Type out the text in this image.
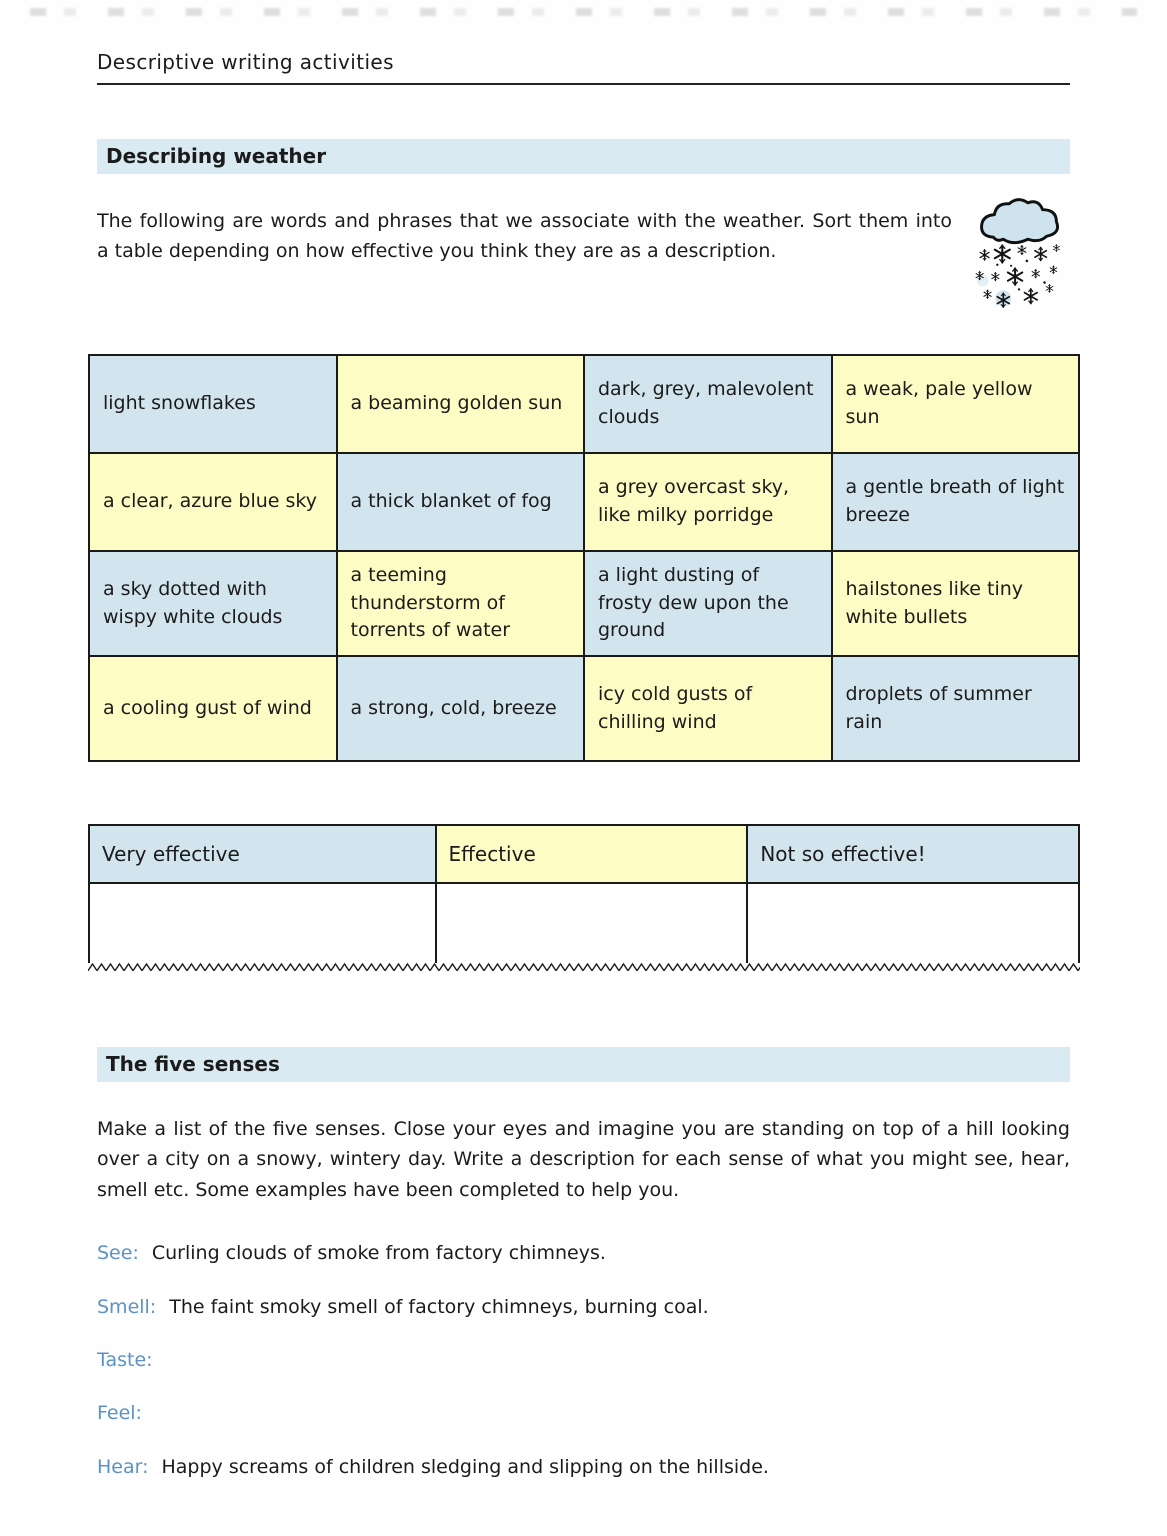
Descriptive writing activities
Describing weather

The following are words and phrases that we associate with the weather. Sort them into a table depending on how effective you think they are as a description.

light snowflakes	a beaming golden sun	dark, grey, malevolent clouds	a weak, pale yellow sun
a clear, azure blue sky	a thick blanket of fog	a grey overcast sky, like milky porridge	a gentle breath of light breeze
a sky dotted with wispy white clouds	a teeming thunderstorm of torrents of water	a light dusting of frosty dew upon the ground	hailstones like tiny white bullets
a cooling gust of wind	a strong, cold, breeze	icy cold gusts of chilling wind	droplets of summer rain
Very effective	Effective	Not so effective!

The five senses

Make a list of the five senses. Close your eyes and imagine you are standing on top of a hill looking over a city on a snowy, wintery day. Write a description for each sense of what you might see, hear, smell etc. Some examples have been completed to help you.

See: Curling clouds of smoke from factory chimneys.
Smell: The faint smoky smell of factory chimneys, burning coal.
Taste:
Feel:
Hear: Happy screams of children sledging and slipping on the hillside.
